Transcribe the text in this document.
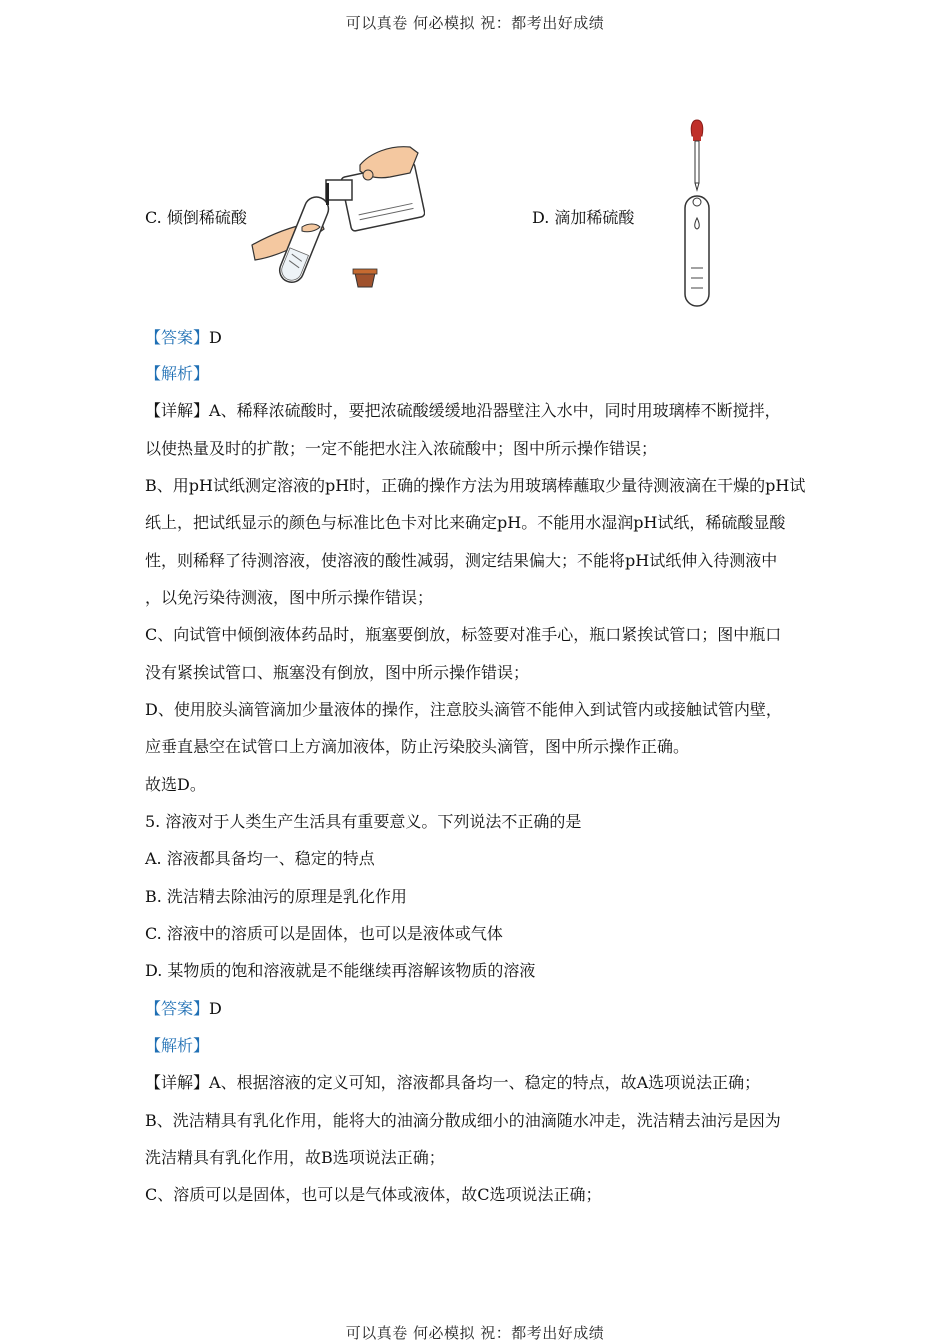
可以真卷 何必模拟 祝：都考出好成绩
C. 倾倒稀硫酸	D. 滴加稀硫酸
【答案】D
【解析】
【详解】A、稀释浓硫酸时，要把浓硫酸缓缓地沿器壁注入水中，同时用玻璃棒不断搅拌，
以使热量及时的扩散；一定不能把水注入浓硫酸中；图中所示操作错误；
B、用pH试纸测定溶液的pH时，正确的操作方法为用玻璃棒蘸取少量待测液滴在干燥的pH试
纸上，把试纸显示的颜色与标准比色卡对比来确定pH。不能用水湿润pH试纸，稀硫酸显酸
性，则稀释了待测溶液，使溶液的酸性减弱，测定结果偏大；不能将pH试纸伸入待测液中
，以免污染待测液，图中所示操作错误；
C、向试管中倾倒液体药品时，瓶塞要倒放，标签要对准手心，瓶口紧挨试管口；图中瓶口
没有紧挨试管口、瓶塞没有倒放，图中所示操作错误；
D、使用胶头滴管滴加少量液体的操作，注意胶头滴管不能伸入到试管内或接触试管内壁，
应垂直悬空在试管口上方滴加液体，防止污染胶头滴管，图中所示操作正确。
故选D。
5. 溶液对于人类生产生活具有重要意义。下列说法不正确的是
A. 溶液都具备均一、稳定的特点
B. 洗洁精去除油污的原理是乳化作用
C. 溶液中的溶质可以是固体，也可以是液体或气体
D. 某物质的饱和溶液就是不能继续再溶解该物质的溶液
【答案】D
【解析】
【详解】A、根据溶液的定义可知，溶液都具备均一、稳定的特点，故A选项说法正确；
B、洗洁精具有乳化作用，能将大的油滴分散成细小的油滴随水冲走，洗洁精去油污是因为
洗洁精具有乳化作用，故B选项说法正确；
C、溶质可以是固体，也可以是气体或液体，故C选项说法正确；
可以真卷 何必模拟 祝：都考出好成绩
